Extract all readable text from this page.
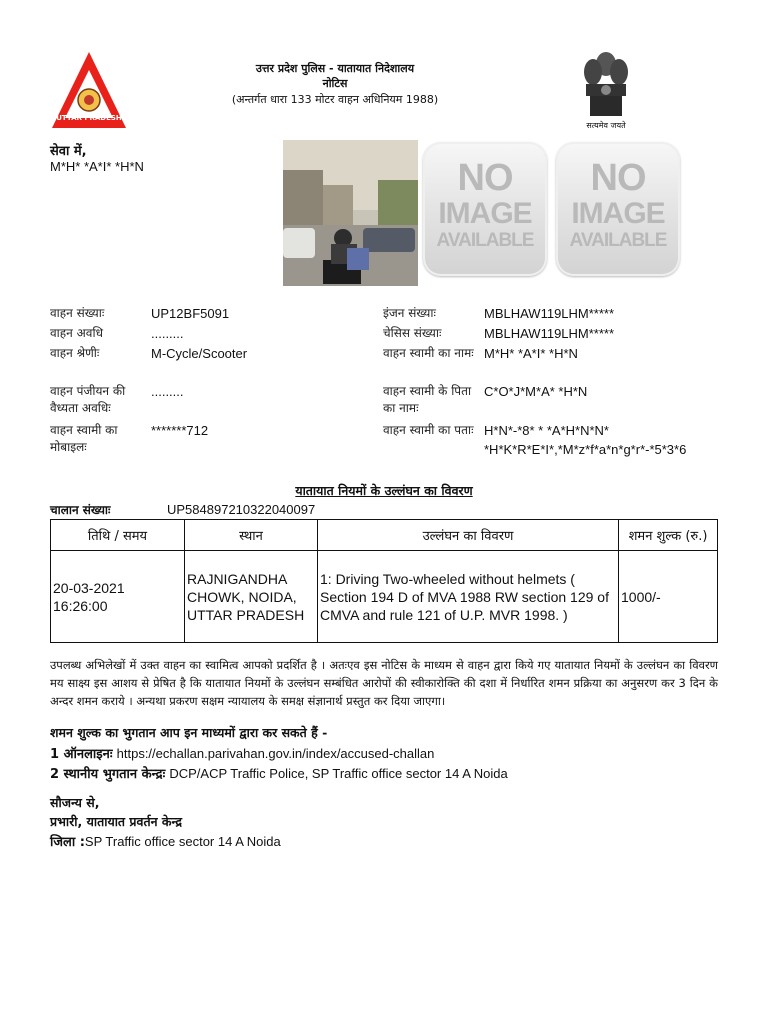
UTTAR PRADESH
उत्तर प्रदेश पुलिस - यातायात निदेशालय
नोटिस
(अन्तर्गत धारा 133 मोटर वाहन अधिनियम 1988)
सत्यमेव जयते
सेवा में,
M*H* *A*I* *H*N	NO
IMAGE
AVAILABLE
NO
IMAGE
AVAILABLE
वाहन संख्याः	UP12BF5091
वाहन अवधि	.........
वाहन श्रेणीः	M-Cycle/Scooter
वाहन पंजीयन की वैध्यता अवधिः
.........
वाहन स्वामी का मोबाइलः
*******712
इंजन संख्याः	MBLHAW119LHM*****
चेसिस संख्याः	MBLHAW119LHM*****
वाहन स्वामी का नामः M*H* *A*I* *H*N
वाहन स्वामी के पिता का नामः
C*O*J*M*A* *H*N
वाहन स्वामी का पताः H*N*-*8* * *A*H*N*N*
*H*K*R*E*I*,*M*z*f*a*n*g*r*-*5*3*6
यातायात नियमों के उल्लंघन का विवरण
चालान संख्याः	UP584897210322040097
तिथि / समय	स्थान	उल्लंघन का विवरण	शमन शुल्क (रु.)
20-03-2021 16:26:00	RAJNIGANDHA CHOWK, NOIDA, UTTAR PRADESH	1: Driving Two-wheeled without helmets ( Section 194 D of MVA 1988 RW section 129 of CMVA and rule 121 of U.P. MVR 1998. )	1000/-
उपलब्ध अभिलेखों में उक्त वाहन का स्वामित्व आपको प्रदर्शित है । अतःएव इस नोटिस के माध्यम से वाहन द्वारा किये गए यातायात नियमों के उल्लंघन का विवरण मय साक्ष्य इस आशय से प्रेषित है कि यातायात नियमों के उल्लंघन सम्बंधित आरोपों की स्वीकारोक्ति की दशा में निर्धारित शमन प्रक्रिया का अनुसरण कर 3 दिन के अन्दर शमन कराये । अन्यथा प्रकरण सक्षम न्यायालय के समक्ष संज्ञानार्थ प्रस्तुत कर दिया जाएगा।
शमन शुल्क का भुगतान आप इन माध्यमों द्वारा कर सकते हैं -
1 ऑनलाइनः https://echallan.parivahan.gov.in/index/accused-challan
2 स्थानीय भुगतान केन्द्रः DCP/ACP Traffic Police, SP Traffic office sector 14 A Noida
सौजन्य से,
प्रभारी, यातायात प्रवर्तन केन्द्र
जिला :SP Traffic office sector 14 A Noida
